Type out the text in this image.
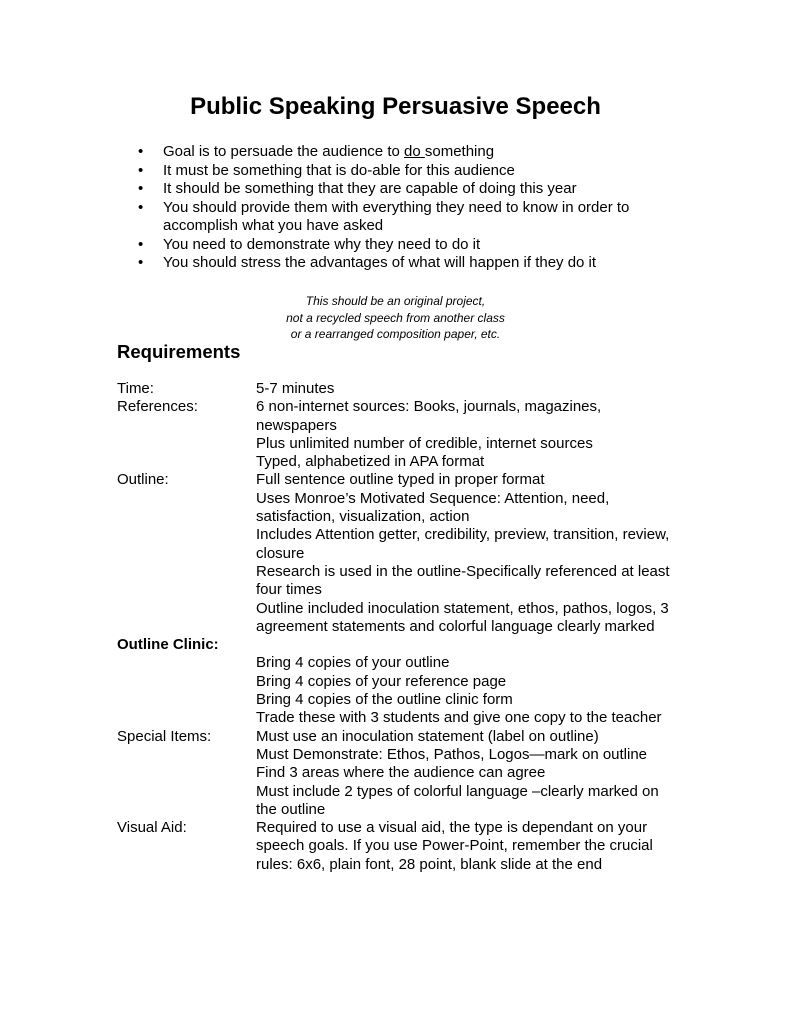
Public Speaking Persuasive Speech
• Goal is to persuade the audience to do something
• It must be something that is do-able for this audience
• It should be something that they are capable of doing this year
• You should provide them with everything they need to know in order to accomplish what you have asked
• You need to demonstrate why they need to do it
• You should stress the advantages of what will happen if they do it
This should be an original project,
not a recycled speech from another class
or a rearranged composition paper, etc.
Requirements
Time:	5-7 minutes
References:	6 non-internet sources: Books, journals, magazines, newspapers
Plus unlimited number of credible, internet sources
Typed, alphabetized in APA format
Outline:	Full sentence outline typed in proper format
Uses Monroe’s Motivated Sequence: Attention, need, satisfaction, visualization, action
Includes Attention getter, credibility, preview, transition, review, closure
Research is used in the outline-Specifically referenced at least four times
Outline included inoculation statement, ethos, pathos, logos, 3 agreement statements and colorful language clearly marked
Outline Clinic:
Bring 4 copies of your outline
Bring 4 copies of your reference page
Bring 4 copies of the outline clinic form
Trade these with 3 students and give one copy to the teacher
Special Items:	Must use an inoculation statement (label on outline)
Must Demonstrate: Ethos, Pathos, Logos—mark on outline
Find 3 areas where the audience can agree
Must include 2 types of colorful language –clearly marked on the outline
Visual Aid:	Required to use a visual aid, the type is dependant on your speech goals. If you use Power-Point, remember the crucial rules: 6x6, plain font, 28 point, blank slide at the end
